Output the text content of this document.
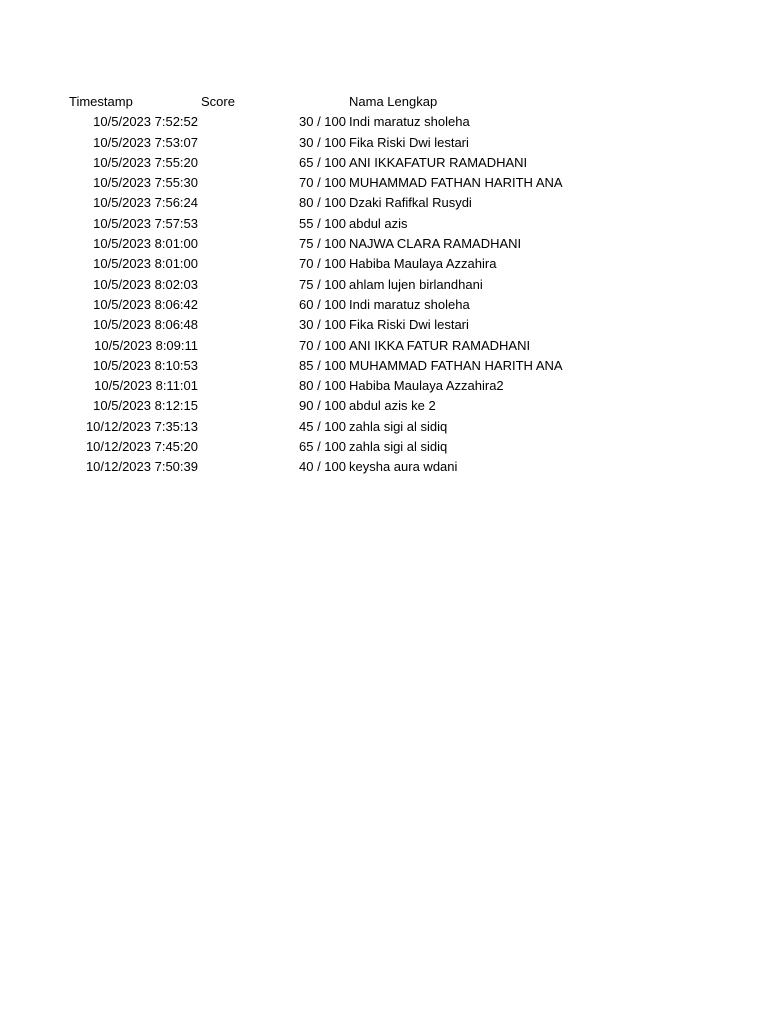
Timestamp	Score	Nama Lengkap
10/5/2023 7:52:52	30 / 100 Indi maratuz sholeha
10/5/2023 7:53:07	30 / 100 Fika Riski Dwi lestari
10/5/2023 7:55:20	65 / 100 ANI IKKAFATUR RAMADHANI
10/5/2023 7:55:30	70 / 100 MUHAMMAD FATHAN HARITH ANA
10/5/2023 7:56:24	80 / 100 Dzaki Rafifkal Rusydi
10/5/2023 7:57:53	55 / 100 abdul azis
10/5/2023 8:01:00	75 / 100 NAJWA CLARA RAMADHANI
10/5/2023 8:01:00	70 / 100 Habiba Maulaya Azzahira
10/5/2023 8:02:03	75 / 100 ahlam lujen birlandhani
10/5/2023 8:06:42	60 / 100 Indi maratuz sholeha
10/5/2023 8:06:48	30 / 100 Fika Riski Dwi lestari
10/5/2023 8:09:11	70 / 100 ANI IKKA FATUR RAMADHANI
10/5/2023 8:10:53	85 / 100 MUHAMMAD FATHAN HARITH ANA
10/5/2023 8:11:01	80 / 100 Habiba Maulaya Azzahira2
10/5/2023 8:12:15	90 / 100 abdul azis ke 2
10/12/2023 7:35:13	45 / 100 zahla sigi al sidiq
10/12/2023 7:45:20	65 / 100 zahla sigi al sidiq
10/12/2023 7:50:39	40 / 100 keysha aura wdani
